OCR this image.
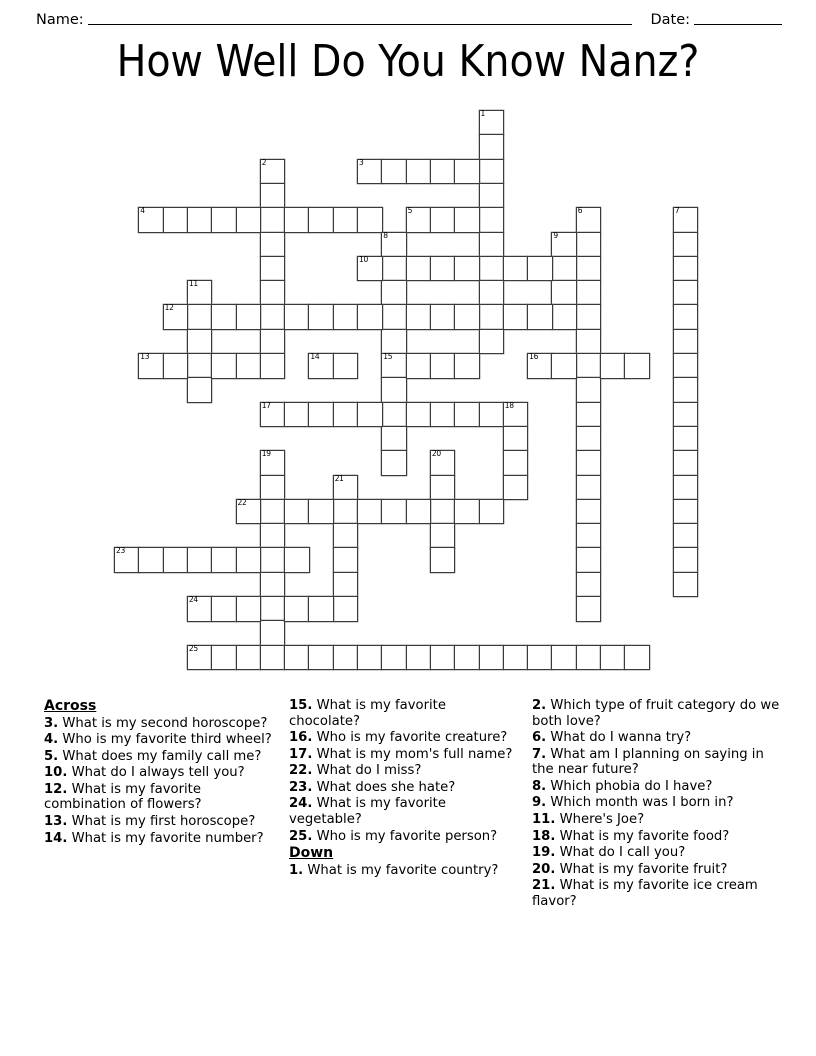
Name:	Date:
How Well Do You Know Nanz?
1
2	3
4	5	6	7
8
15
9
10
11
12
13	14	16
17	18
19	20
21
22
23
24
25
Across
3. What is my second horoscope?
4. Who is my favorite third wheel?
5. What does my family call me?
10. What do I always tell you?
12. What is my favorite combination of flowers?
13. What is my first horoscope?
14. What is my favorite number?
15. What is my favorite chocolate?
16. Who is my favorite creature?
17. What is my mom's full name?
22. What do I miss?
23. What does she hate?
24. What is my favorite vegetable?
25. Who is my favorite person?
Down
1. What is my favorite country?
2. Which type of fruit category do we both love?
6. What do I wanna try?
7. What am I planning on saying in the near future?
8. Which phobia do I have?
9. Which month was I born in?
11. Where's Joe?
18. What is my favorite food?
19. What do I call you?
20. What is my favorite fruit?
21. What is my favorite ice cream flavor?
